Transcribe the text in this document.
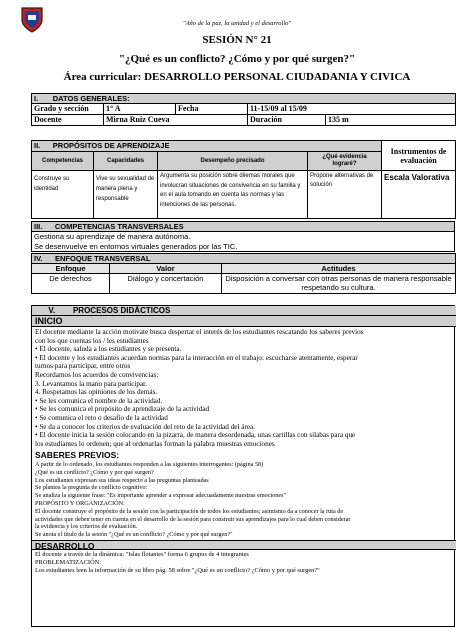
"Año de la paz, la unidad y el desarrollo"
SESIÓN N° 21
"¿Qué es un conflicto? ¿Cómo y por qué surgen?"
Área curricular: DESARROLLO PERSONAL CIUDADANIA Y CIVICA
I. DATOS GENERALES:				
Grado y sección	1° A	Fecha	11-15/09 al 15/09	
Docente	Mirna Ruiz Cueva		Duración	135 m
II. PROPÓSITOS DE APRENDIZAJE				Instrumentos de evaluación
Competencias	Capacidades	Desempeño precisado	¿Qué evidencia lograré?	
Construye su identidad	Vive su sexualidad de manera plena y responsable	Argumenta su posición sobre dilemas morales que involucran situaciones de convivencia en su familia y en el aula tomando en cuenta las normas y las intenciones de las personas.	Propone alternativas de solución	Escala Valorativa
III. COMPETENCIAS TRANSVERSALES
Gestiona su aprendizaje de manera autónoma.
Se desenvuelve en entornos virtuales generados por las TIC.
IV. ENFOQUE TRANSVERSAL		
Enfoque	Valor	Actitudes
De derechos	Diálogo y concertación	Disposición a conversar con otras personas de manera responsable respetando su cultura.
V. PROCESOS DIDÁCTICOS
INICIO
El docente mediante la acción motivate busca despertar el interés de los estudiantes rescatando los saberes previos
con los que cuentas los / les estudiantes
• El docente, saluda a los estudiantes y se presenta.
• El docente y los estudiantes acuerdan normas para la interacción en el trabajo: escucharse atentamente, esperar
turnos para participar, entre otros
Recordamos los acuerdos de convivencias:
3. Levantamos la mano para participar.
4. Respetamos las opiniones de los demás.
• Se les comunica el nombre de la actividad.
• Se les comunica el propósito de aprendizaje de la actividad
• Se comunica el reto o desafío de la actividad
• Se da a conocer los criterios de evaluación del reto de la actividad del área.
• El docente inicia la sesión colocando en la pizarra, de manera desordenada, unas cartillas con silabas para que
los estudiantes lo ordenen; que al ordenarlas forman la palabra muestras emociones
SABERES PREVIOS:
A partir de lo ordenado, los estudiantes responden a las siguientes interrogantes: (página 58)
¿Qué es un conflicto? ¿Cómo y por qué surgen?
Los estudiantes expresan sus ideas respecto a las preguntas planteadas
Se plantea la pregunta de conflicto cognitivo:
Se analiza la siguiente frase: "Es importante aprender a expresar adecuadamente nuestras emociones"
PROPÓSITO Y ORGANIZACIÓN:
El docente construye el propósito de la sesión con la participación de todos los estudiantes; asimismo da a conocer la ruta de
actividades que deben tener en cuenta en el desarrollo de la sesión para construir sus aprendizajes para lo cual deben considerar
la evidencia y los criterios de evaluación.
Se anota el título de la sesión "¿Qué es un conflicto? ¿Cómo y por qué surgen?"
DESARROLLO
El docente a través de la dinámica: "Islas flotantes" forma 6 grupos de 4 integrantes
PROBLEMATIZACIÓN:
Los estudiantes leen la información de su libro pág. 58 sobre "¿Qué es un conflicto? ¿Cómo y por qué surgen?"
